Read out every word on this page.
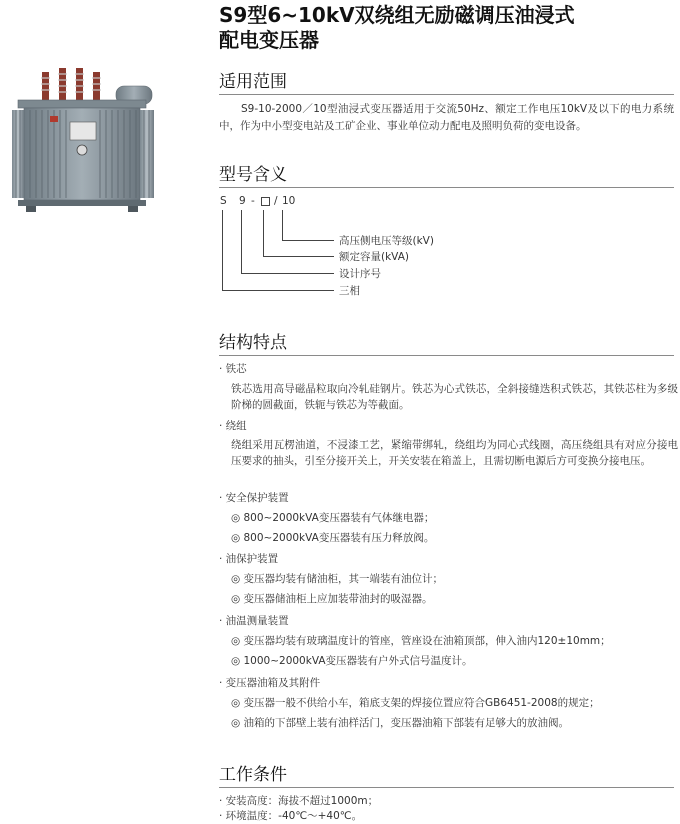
S9型6~10kV双绕组无励磁调压油浸式
配电变压器
适用范围
S9-10-2000／10型油浸式变压器适用于交流50Hz、额定工作电压10kV及以下的电力系统中，作为中小型变电站及工矿企业、事业单位动力配电及照明负荷的变电设备。
型号含义
S 9 - / 10
高压侧电压等级(kV)
额定容量(kVA)
设计序号
三相
结构特点
· 铁芯
铁芯选用高导磁晶粒取向冷轧硅钢片。铁芯为心式铁芯，全斜接缝迭积式铁芯，其铁芯柱为多级阶梯的圆截面，铁轭与铁芯为等截面。
· 绕组
绕组采用瓦楞油道，不浸漆工艺，紧缩带绑轧，绕组均为同心式线圈，高压绕组具有对应分接电压要求的抽头，引至分接开关上，开关安装在箱盖上，且需切断电源后方可变换分接电压。
· 安全保护装置
◎ 800~2000kVA变压器装有气体继电器；
◎ 800~2000kVA变压器装有压力释放阀。
· 油保护装置
◎ 变压器均装有储油柜，其一端装有油位计；
◎ 变压器储油柜上应加装带油封的吸湿器。
· 油温测量装置
◎ 变压器均装有玻璃温度计的管座，管座设在油箱顶部，伸入油内120±10mm；
◎ 1000~2000kVA变压器装有户外式信号温度计。
· 变压器油箱及其附件
◎ 变压器一般不供给小车，箱底支架的焊接位置应符合GB6451-2008的规定；
◎ 油箱的下部壁上装有油样活门，变压器油箱下部装有足够大的放油阀。
工作条件
· 安装高度：海拔不超过1000m；
· 环境温度：-40℃～+40℃。
